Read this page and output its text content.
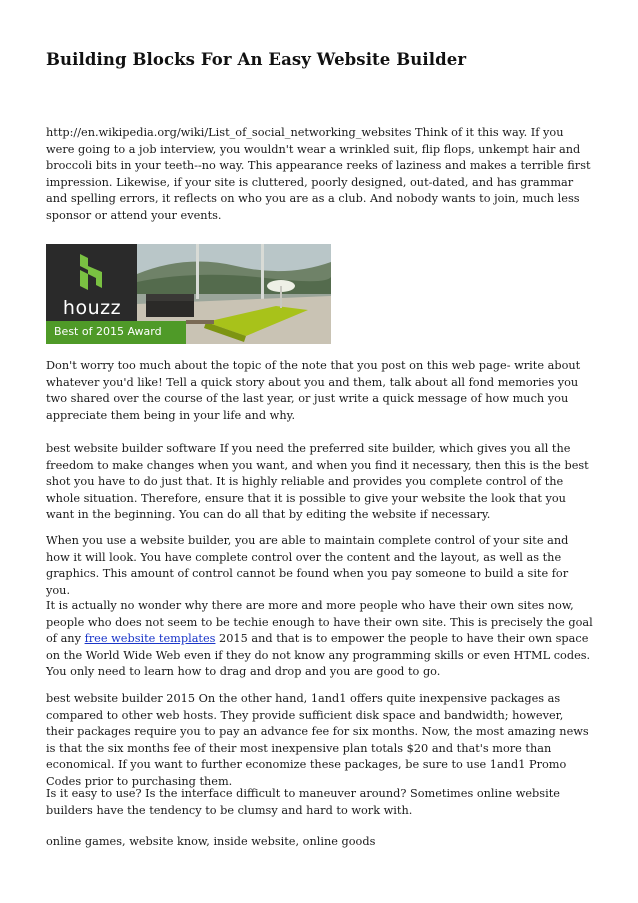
Building Blocks For An Easy Website Builder

http://en.wikipedia.org/wiki/List_of_social_networking_websites Think of it this way. If you were going to a job interview, you wouldn't wear a wrinkled suit, flip flops, unkempt hair and broccoli bits in your teeth--no way. This appearance reeks of laziness and makes a terrible first impression. Likewise, if your site is cluttered, poorly designed, out-dated, and has grammar and spelling errors, it reflects on who you are as a club. And nobody wants to join, much less sponsor or attend your events.

houzz
Best of 2015 Award

Don't worry too much about the topic of the note that you post on this web page- write about whatever you'd like! Tell a quick story about you and them, talk about all fond memories you two shared over the course of the last year, or just write a quick message of how much you appreciate them being in your life and why.

best website builder software If you need the preferred site builder, which gives you all the freedom to make changes when you want, and when you find it necessary, then this is the best shot you have to do just that. It is highly reliable and provides you complete control of the whole situation. Therefore, ensure that it is possible to give your website the look that you want in the beginning. You can do all that by editing the website if necessary.

When you use a website builder, you are able to maintain complete control of your site and how it will look. You have complete control over the content and the layout, as well as the graphics. This amount of control cannot be found when you pay someone to build a site for you.

It is actually no wonder why there are more and more people who have their own sites now, people who does not seem to be techie enough to have their own site. This is precisely the goal of any free website templates 2015 and that is to empower the people to have their own space on the World Wide Web even if they do not know any programming skills or even HTML codes. You only need to learn how to drag and drop and you are good to go.

best website builder 2015 On the other hand, 1and1 offers quite inexpensive packages as compared to other web hosts. They provide sufficient disk space and bandwidth; however, their packages require you to pay an advance fee for six months. Now, the most amazing news is that the six months fee of their most inexpensive plan totals $20 and that's more than economical. If you want to further economize these packages, be sure to use 1and1 Promo Codes prior to purchasing them.

Is it easy to use? Is the interface difficult to maneuver around? Sometimes online website builders have the tendency to be clumsy and hard to work with.

online games, website know, inside website, online goods
